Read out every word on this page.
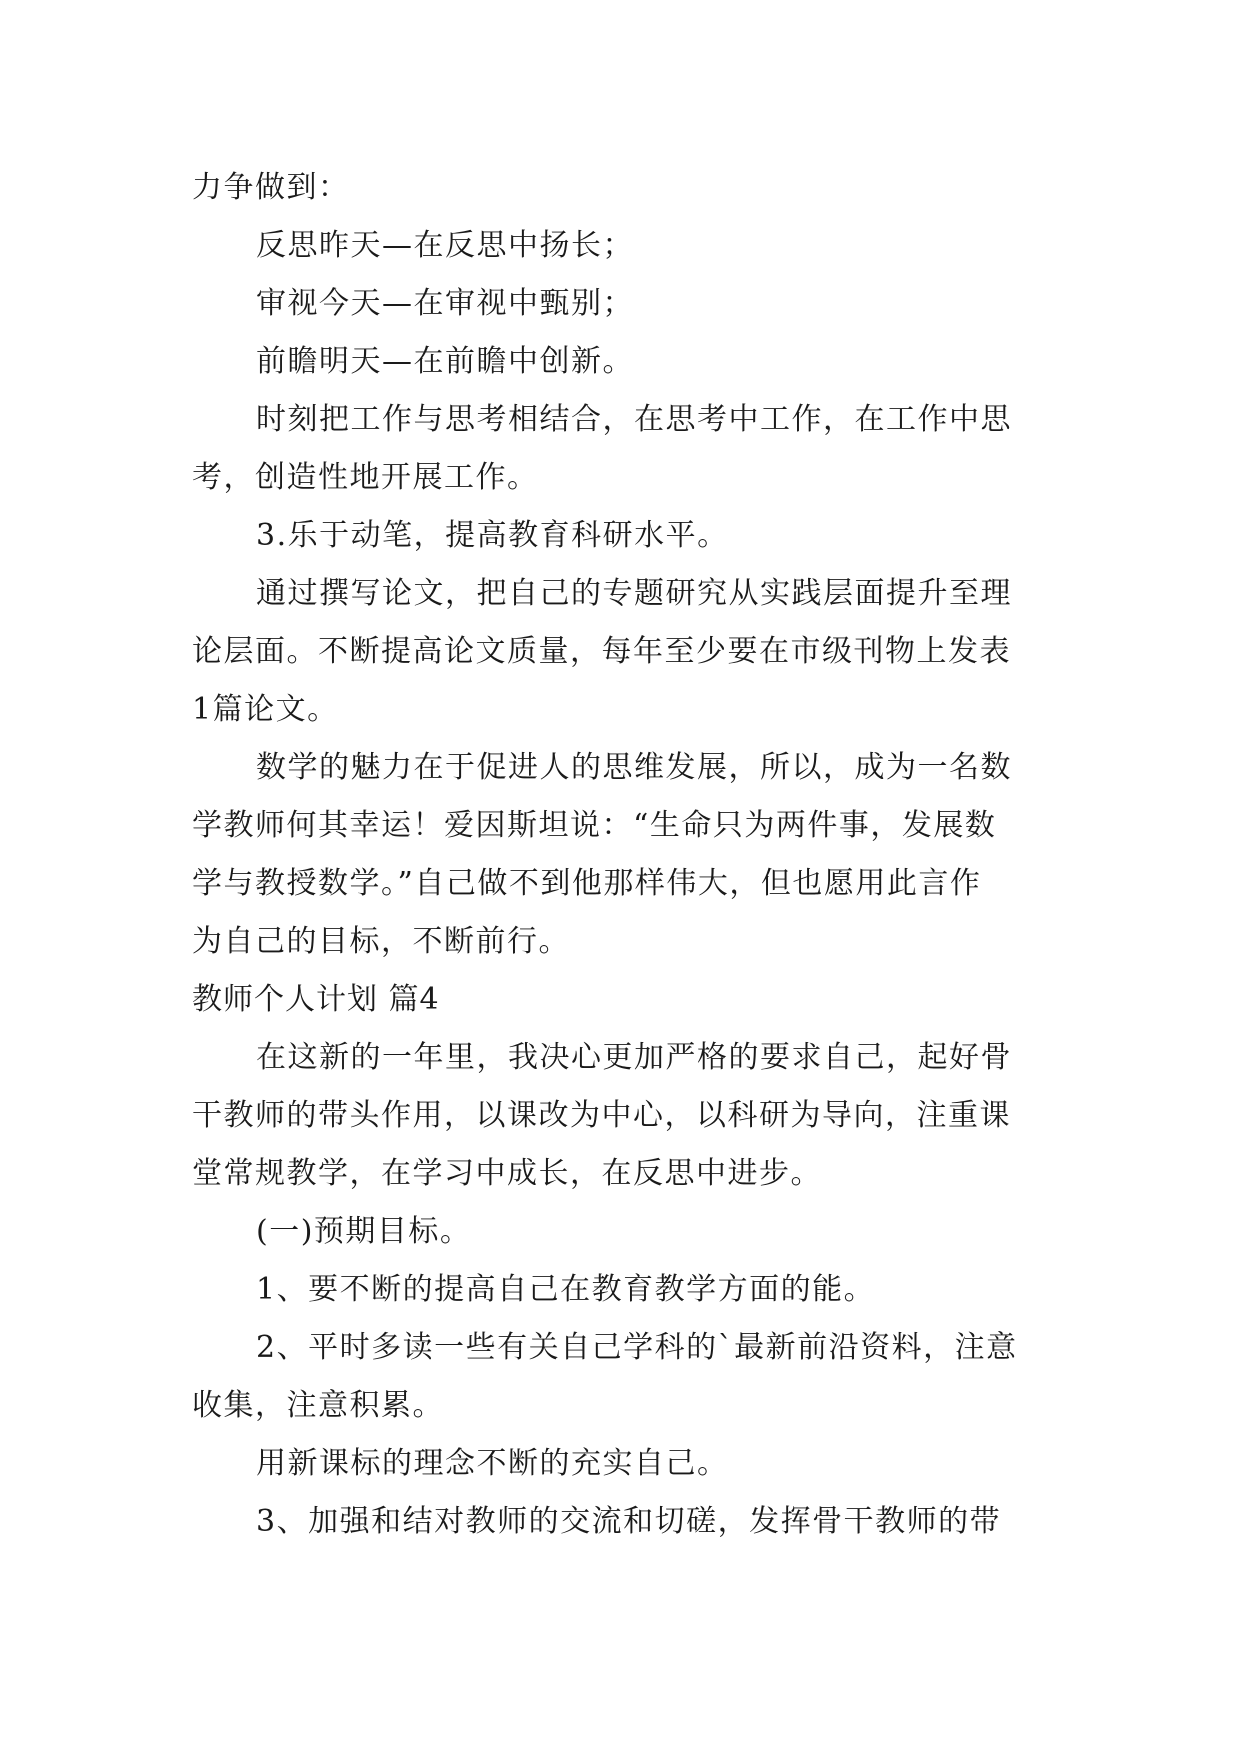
力争做到：
反思昨天—在反思中扬长；
审视今天—在审视中甄别；
前瞻明天—在前瞻中创新。
时刻把工作与思考相结合，在思考中工作，在工作中思
考，创造性地开展工作。
3.乐于动笔，提高教育科研水平。
通过撰写论文，把自己的专题研究从实践层面提升至理
论层面。不断提高论文质量，每年至少要在市级刊物上发表
1篇论文。
数学的魅力在于促进人的思维发展，所以，成为一名数
学教师何其幸运！爱因斯坦说：“生命只为两件事，发展数
学与教授数学。”自己做不到他那样伟大，但也愿用此言作
为自己的目标，不断前行。
教师个人计划 篇4
在这新的一年里，我决心更加严格的要求自己，起好骨
干教师的带头作用，以课改为中心，以科研为导向，注重课
堂常规教学，在学习中成长，在反思中进步。
(一)预期目标。
1、要不断的提高自己在教育教学方面的能。
2、平时多读一些有关自己学科的`最新前沿资料，注意
收集，注意积累。
用新课标的理念不断的充实自己。
3、加强和结对教师的交流和切磋，发挥骨干教师的带
